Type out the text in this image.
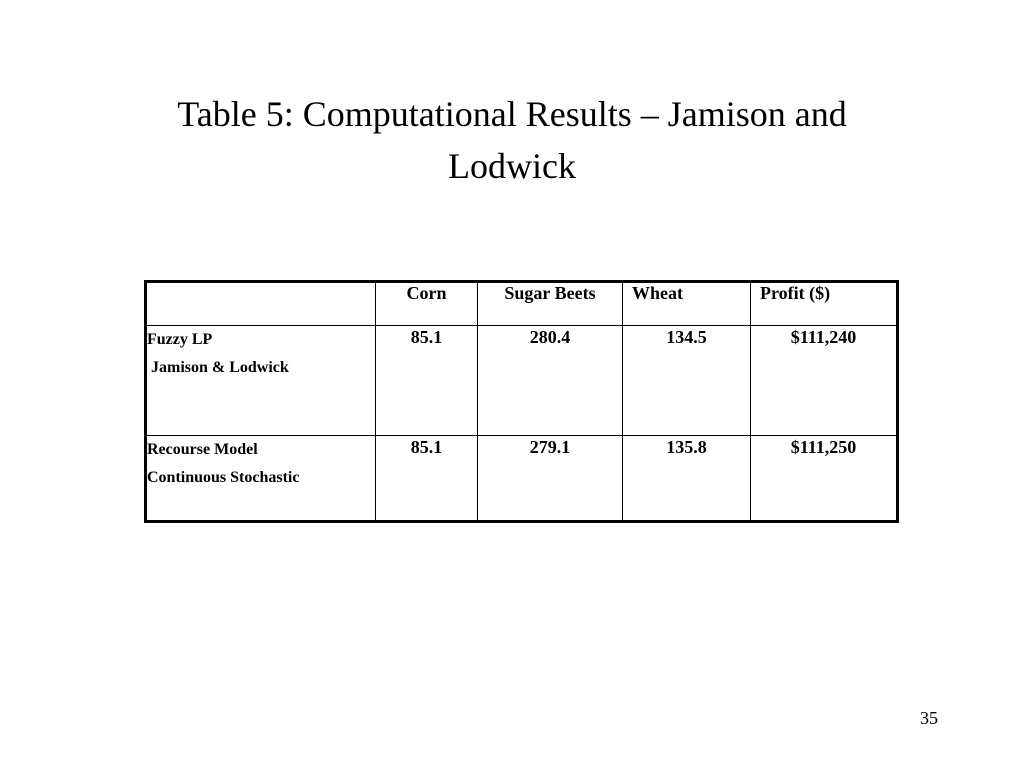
Table 5: Computational Results – Jamison and
Lodwick
	Corn	Sugar Beets	Wheat	Profit ($)

Fuzzy LP
Jamison & Lodwick	85.1	280.4	134.5	$111,240

Recourse Model
Continuous Stochastic	85.1	279.1	135.8	$111,250
35
